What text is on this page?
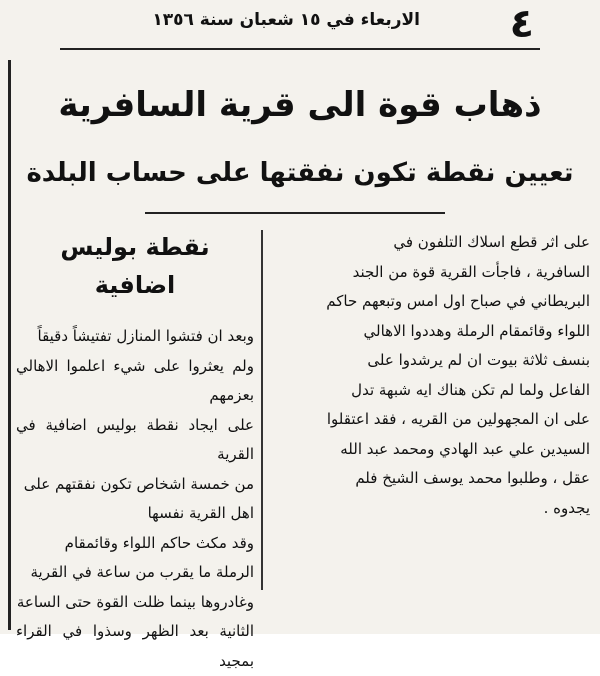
٤
الاربعاء في ١٥ شعبان سنة ١٣٥٦
ذهاب قوة الى قرية السافرية
تعيين نقطة تكون نفقتها على حساب البلدة

على اثر قطع اسلاك التلفون في

السافرية ، فاجأت القرية قوة من الجند

البريطاني في صباح اول امس وتبعهم حاكم

اللواء وقائمقام الرملة وهددوا الاهالي

بنسف ثلاثة بيوت ان لم يرشدوا على

الفاعل ولما لم تكن هناك ايه شبهة تدل

على ان المجهولين من القريه ، فقد اعتقلوا

السيدين علي عبد الهادي ومحمد عبد الله

عقل ، وطلبوا محمد يوسف الشيخ فلم

يجدوه .

نقطة بوليس اضافية

وبعد ان فتشوا المنازل تفتيشاً دقيقاً

ولم يعثروا على شيء اعلموا الاهالي بعزمهم

على ايجاد نقطة بوليس اضافية في القرية

من خمسة اشخاص تكون نفقتهم على

اهل القرية نفسها

وقد مكث حاكم اللواء وقائمقام

الرملة ما يقرب من ساعة في القرية

وغادروها بينما ظلت القوة حتى الساعة

الثانية بعد الظهر وسذوا في القراء بمجيد
